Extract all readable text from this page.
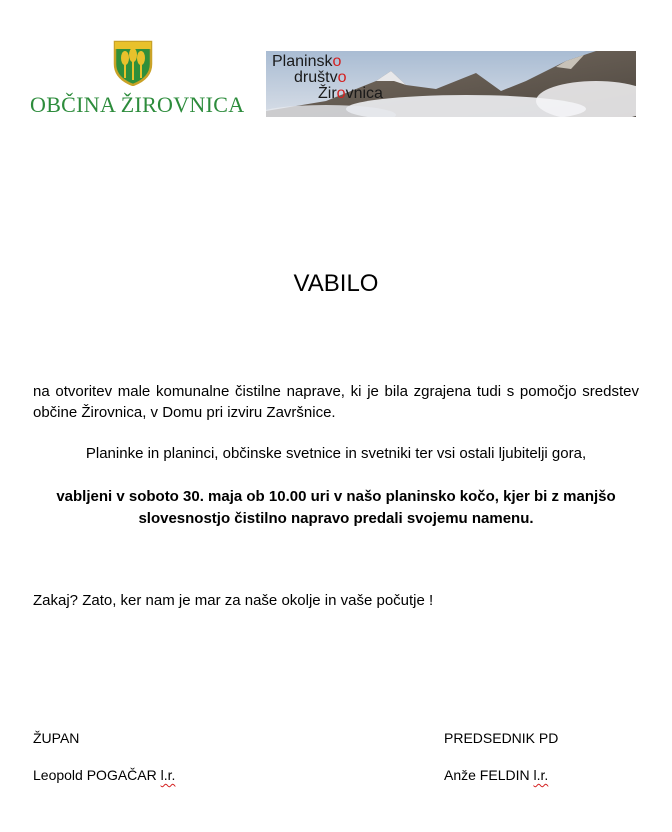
OBČINA ŽIROVNICA
Planinsko
društvo
Žirovnica
VABILO
na otvoritev male komunalne čistilne naprave, ki je bila zgrajena tudi s pomočjo sredstev občine Žirovnica, v Domu pri izviru Završnice.
Planinke in planinci, občinske svetnice in svetniki ter vsi ostali ljubitelji gora,
vabljeni v soboto 30. maja ob 10.00 uri v našo planinsko kočo, kjer bi z manjšo slovesnostjo čistilno napravo predali svojemu namenu.
Zakaj? Zato, ker nam je mar za naše okolje in vaše počutje !
ŽUPAN
Leopold POGAČAR l.r.
PREDSEDNIK PD
Anže FELDIN l.r.
